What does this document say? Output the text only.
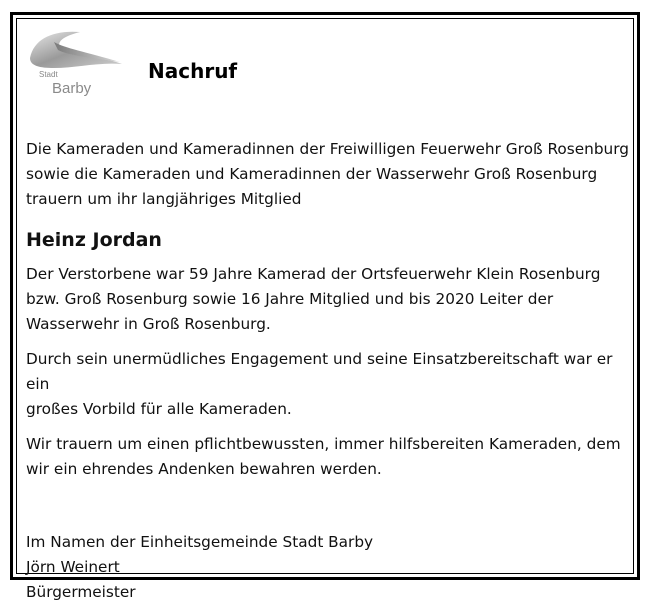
Stadt
Barby
Nachruf

Die Kameraden und Kameradinnen der Freiwilligen Feuerwehr Groß Rosenburg
sowie die Kameraden und Kameradinnen der Wasserwehr Groß Rosenburg
trauern um ihr langjähriges Mitglied

Heinz Jordan

Der Verstorbene war 59 Jahre Kamerad der Ortsfeuerwehr Klein Rosenburg
bzw. Groß Rosenburg sowie 16 Jahre Mitglied und bis 2020 Leiter der
Wasserwehr in Groß Rosenburg.

Durch sein unermüdliches Engagement und seine Einsatzbereitschaft war er ein
großes Vorbild für alle Kameraden.

Wir trauern um einen pflichtbewussten, immer hilfsbereiten Kameraden, dem
wir ein ehrendes Andenken bewahren werden.

Im Namen der Einheitsgemeinde Stadt Barby
Jörn Weinert
Bürgermeister
